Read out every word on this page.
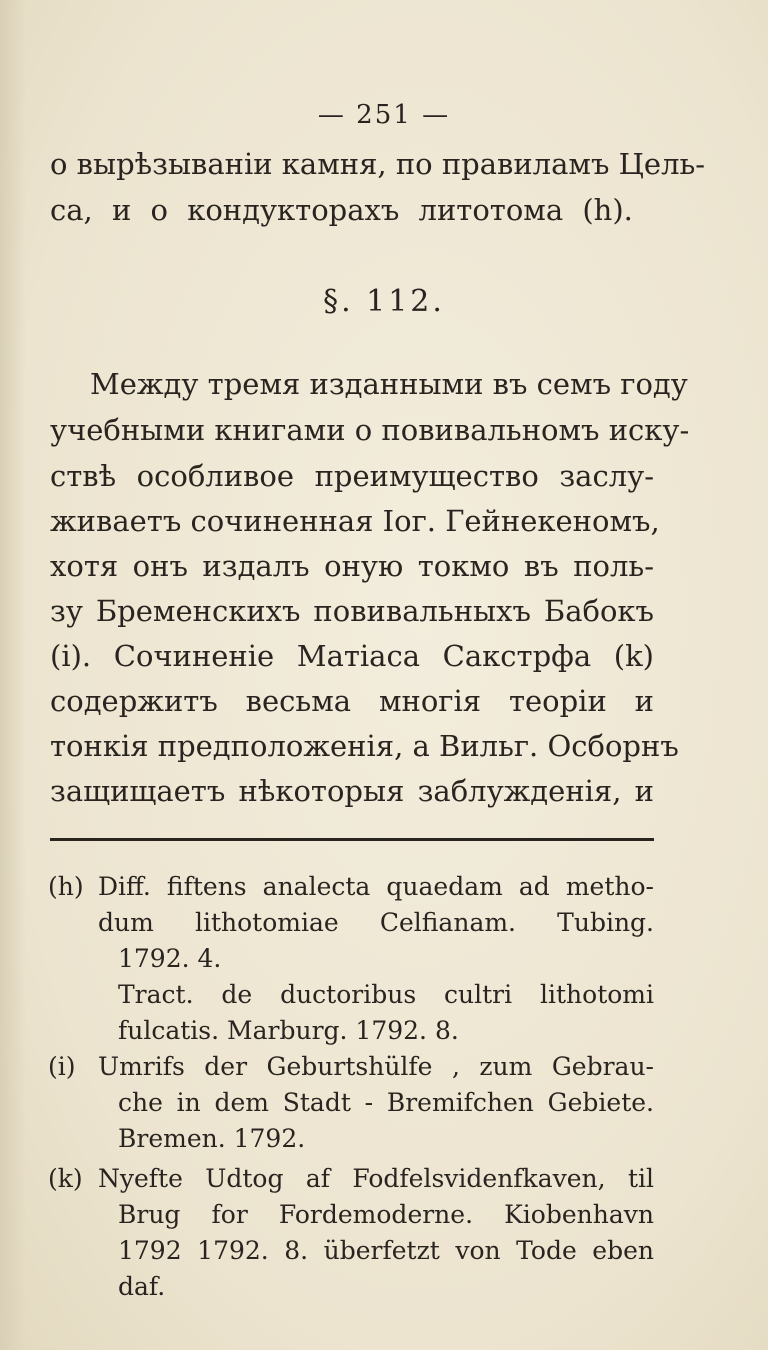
— 251 —
о вырѣзываніи камня, по правиламъ Цель-
са, и о кондукторахъ литотома (h).
§. 112.
Между тремя изданными въ семъ году
учебными книгами о повивальномъ иску-
ствѣ особливое преимущество заслу-
живаетъ сочиненная Іог. Гейнекеномъ,
хотя онъ издалъ оную токмо въ поль-
зу Бременскихъ повивальныхъ Бабокъ
(i). Сочиненіе Матіаса Сакстрфа (k)
содержитъ весьма многія теоріи и
тонкія предположенія, а Вильг. Осборнъ
защищаетъ нѣкоторыя заблужденія, и
(h) Diff. fiftens analecta quaedam ad metho-
dum lithotomiae Celfianam. Tubing.
1792. 4.
Tract. de ductoribus cultri lithotomi
fulcatis. Marburg. 1792. 8.
(i) Umrifs der Geburtshülfe , zum Gebrau-
che in dem Stadt - Bremifchen Gebiete.
Bremen. 1792.
(k) Nyefte Udtog af Fodfelsvidenfkaven, til
Brug for Fordemoderne. Kiobenhavn
1792 1792. 8. überfetzt von Tode eben
daf.
